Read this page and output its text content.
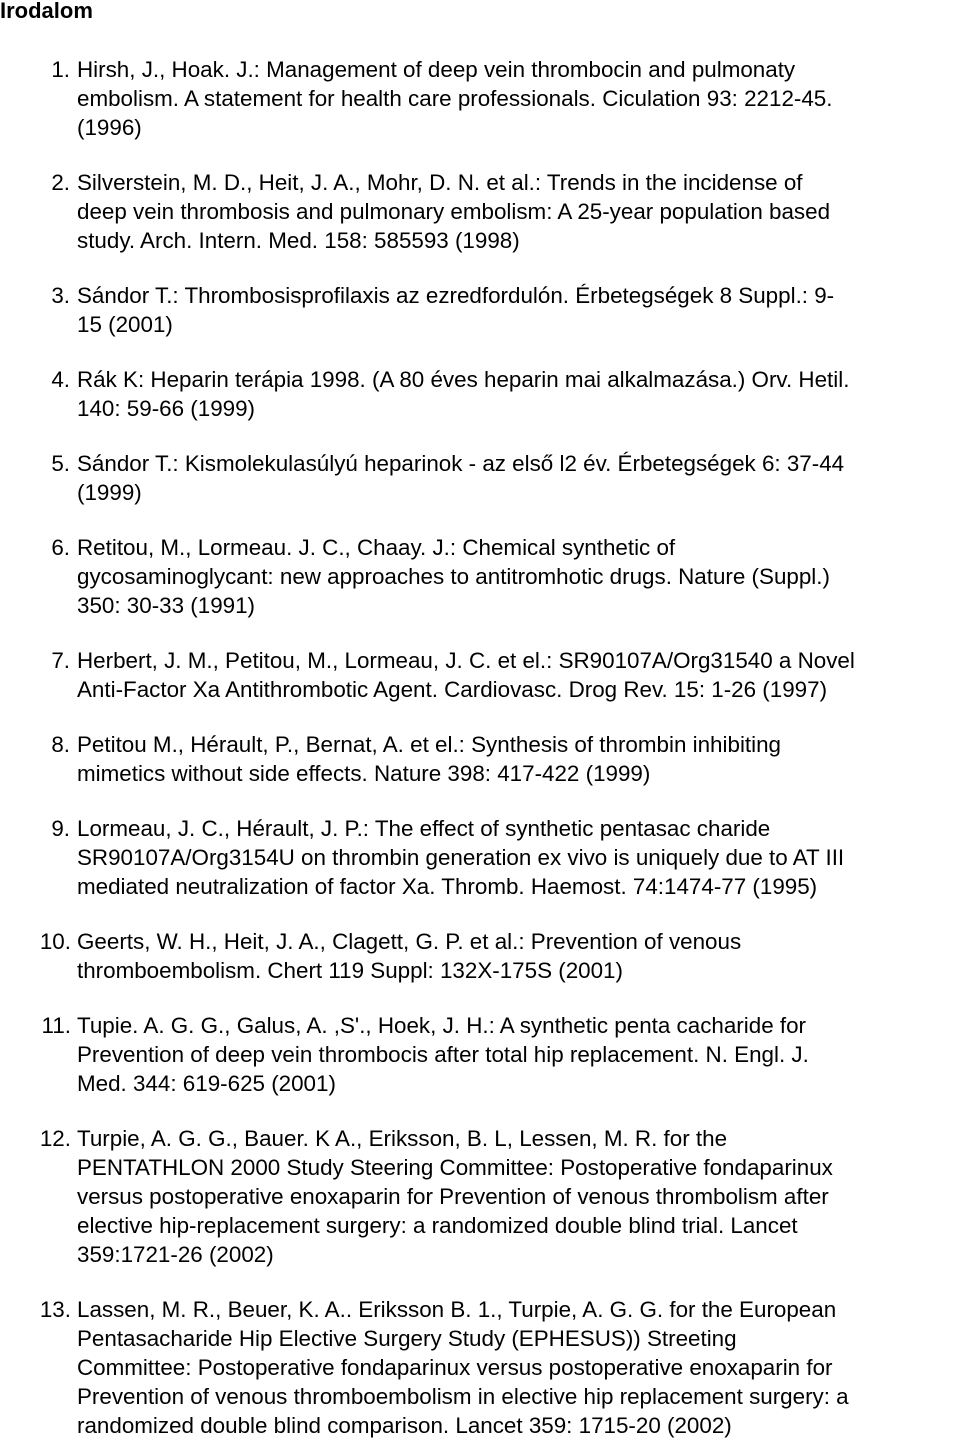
Irodalom
1. Hirsh, J., Hoak. J.: Management of deep vein thrombocin and pulmonaty
embolism. A statement for health care professionals. Ciculation 93: 2212-45.
(1996)
2. Silverstein, M. D., Heit, J. A., Mohr, D. N. et al.: Trends in the incidense of
deep vein thrombosis and pulmonary embolism: A 25-year population based
study. Arch. Intern. Med. 158: 585593 (1998)
3. Sándor T.: Thrombosisprofilaxis az ezredfordulón. Érbetegségek 8 Suppl.: 9-
15 (2001)
4. Rák K: Heparin terápia 1998. (A 80 éves heparin mai alkalmazása.) Orv. Hetil.
140: 59-66 (1999)
5. Sándor T.: Kismolekulasúlyú heparinok - az első l2 év. Érbetegségek 6: 37-44
(1999)
6. Retitou, M., Lormeau. J. C., Chaay. J.: Chemical synthetic of
gycosaminoglycant: new approaches to antitromhotic drugs. Nature (Suppl.)
350: 30-33 (1991)
7. Herbert, J. M., Petitou, M., Lormeau, J. C. et el.: SR90107A/Org31540 a Novel
Anti-Factor Xa Antithrombotic Agent. Cardiovasc. Drog Rev. 15: 1-26 (1997)
8. Petitou M., Hérault, P., Bernat, A. et el.: Synthesis of thrombin inhibiting
mimetics without side effects. Nature 398: 417-422 (1999)
9. Lormeau, J. C., Hérault, J. P.: The effect of synthetic pentasac charide
SR90107A/Org3154U on thrombin generation ex vivo is uniquely due to AT III
mediated neutralization of factor Xa. Thromb. Haemost. 74:1474-77 (1995)
10. Geerts, W. H., Heit, J. A., Clagett, G. P. et al.: Prevention of venous
thromboembolism. Chert 119 Suppl: 132X-175S (2001)
11. Tupie. A. G. G., Galus, A. ,S'., Hoek, J. H.: A synthetic penta cacharide for
Prevention of deep vein thrombocis after total hip replacement. N. Engl. J.
Med. 344: 619-625 (2001)
12. Turpie, A. G. G., Bauer. K A., Eriksson, B. L, Lessen, M. R. for the
PENTATHLON 2000 Study Steering Committee: Postoperative fondaparinux
versus postoperative enoxaparin for Prevention of venous thrombolism after
elective hip-replacement surgery: a randomized double blind trial. Lancet
359:1721-26 (2002)
13. Lassen, M. R., Beuer, K. A.. Eriksson B. 1., Turpie, A. G. G. for the European
Pentasacharide Hip Elective Surgery Study (EPHESUS)) Streeting
Committee: Postoperative fondaparinux versus postoperative enoxaparin for
Prevention of venous thromboembolism in elective hip replacement surgery: a
randomized double blind comparison. Lancet 359: 1715-20 (2002)
